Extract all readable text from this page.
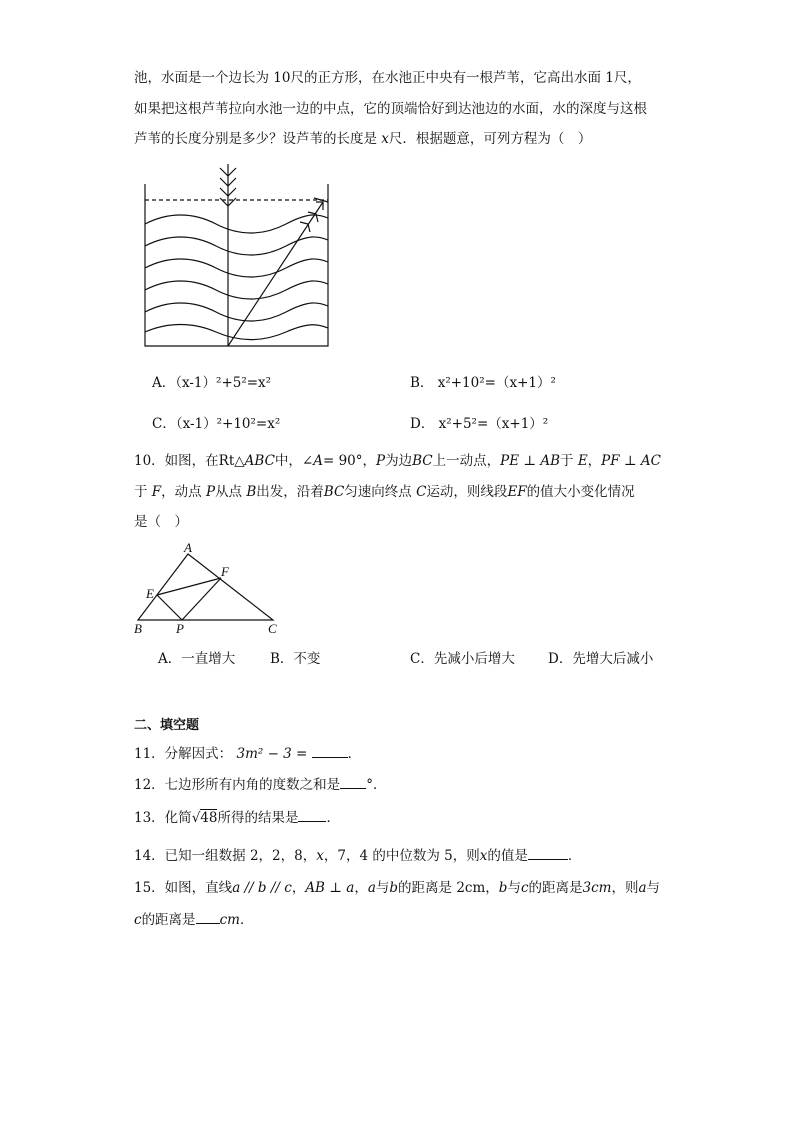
池，水面是一个边长为 10尺的正方形，在水池正中央有一根芦苇，它高出水面 1尺，
如果把这根芦苇拉向水池一边的中点，它的顶端恰好到达池边的水面，水的深度与这根
芦苇的长度分别是多少？设芦苇的长度是 x尺．根据题意，可列方程为（　）
A．（x-1）²+5²=x²	B． x²+10²=（x+1）²
C．（x-1）²+10²=x²	D． x²+5²=（x+1）²
10．如图，在Rt△ABC中，∠A= 90°，P为边BC上一动点，PE ⊥ AB于 E，PF ⊥ AC
于 F，动点 P从点 B出发，沿着BC匀速向终点 C运动，则线段EF的值大小变化情况
是（　）
A
B	C
E
F
P
A．一直增大	B．不变	C．先减小后增大 D．先增大后减小
二、填空题
11．分解因式： 3m² − 3 =	．
12．七边形所有内角的度数之和是 °．
13．化简√48所得的结果是 ．
14．已知一组数据 2，2，8，x，7，4 的中位数为 5，则x的值是	．
15．如图，直线a // b // c，AB ⊥ a，a与b的距离是 2cm，b与c的距离是3cm，则a与
c的距离是 cm．
